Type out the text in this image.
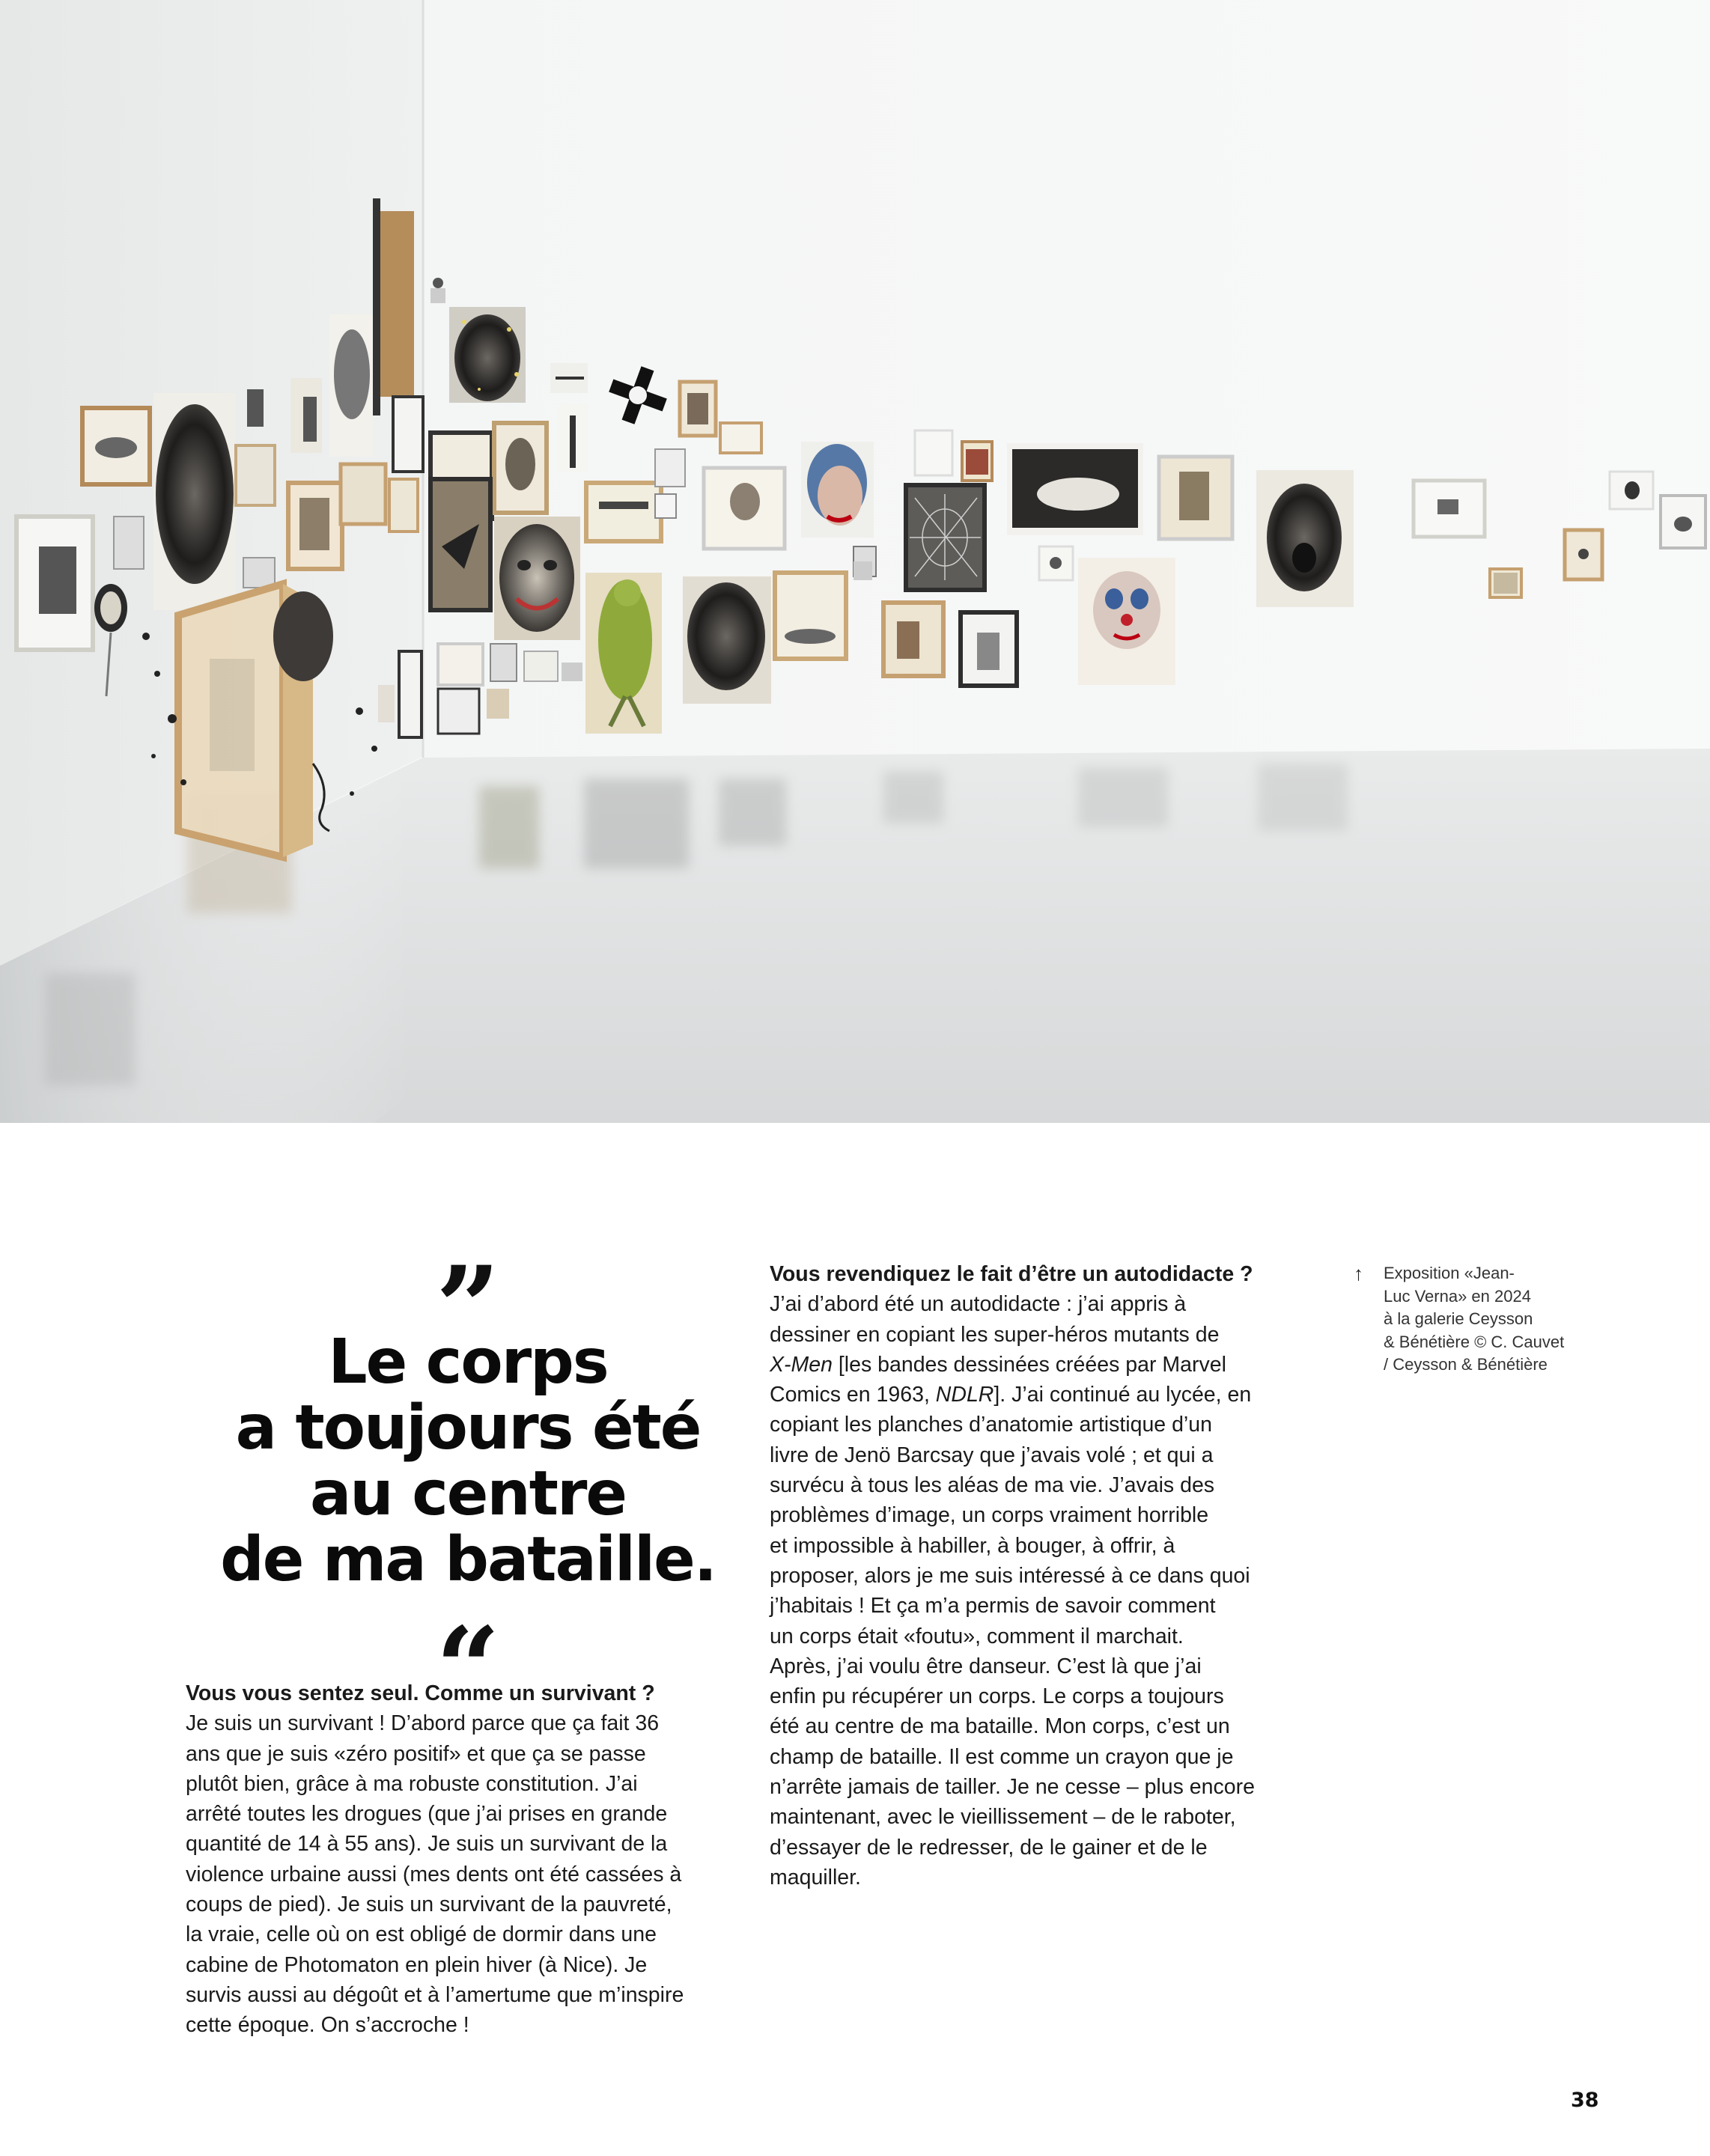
Le corps
a toujours été
au centre
de ma bataille.
Vous vous sentez seul. Comme un survivant ?
Je suis un survivant ! D’abord parce que ça fait 36
ans que je suis «zéro positif» et que ça se passe
plutôt bien, grâce à ma robuste constitution. J’ai
arrêté toutes les drogues (que j’ai prises en grande
quantité de 14 à 55 ans). Je suis un survivant de la
violence urbaine aussi (mes dents ont été cassées à
coups de pied). Je suis un survivant de la pauvreté,
la vraie, celle où on est obligé de dormir dans une
cabine de Photomaton en plein hiver (à Nice). Je
survis aussi au dégoût et à l’amertume que m’inspire
cette époque. On s’accroche !
Vous revendiquez le fait d’être un autodidacte ?
J’ai d’abord été un autodidacte : j’ai appris à
dessiner en copiant les super-héros mutants de
X-Men [les bandes dessinées créées par Marvel
Comics en 1963, NDLR]. J’ai continué au lycée, en
copiant les planches d’anatomie artistique d’un
livre de Jenö Barcsay que j’avais volé ; et qui a
survécu à tous les aléas de ma vie. J’avais des
problèmes d’image, un corps vraiment horrible
et impossible à habiller, à bouger, à offrir, à
proposer, alors je me suis intéressé à ce dans quoi
j’habitais ! Et ça m’a permis de savoir comment
un corps était «foutu», comment il marchait.
Après, j’ai voulu être danseur. C’est là que j’ai
enfin pu récupérer un corps. Le corps a toujours
été au centre de ma bataille. Mon corps, c’est un
champ de bataille. Il est comme un crayon que je
n’arrête jamais de tailler. Je ne cesse – plus encore
maintenant, avec le vieillissement – de le raboter,
d’essayer de le redresser, de le gainer et de le
maquiller.
↑ Exposition «Jean-
Luc Verna» en 2024
à la galerie Ceysson
& Bénétière © C. Cauvet
/ Ceysson & Bénétière
38
